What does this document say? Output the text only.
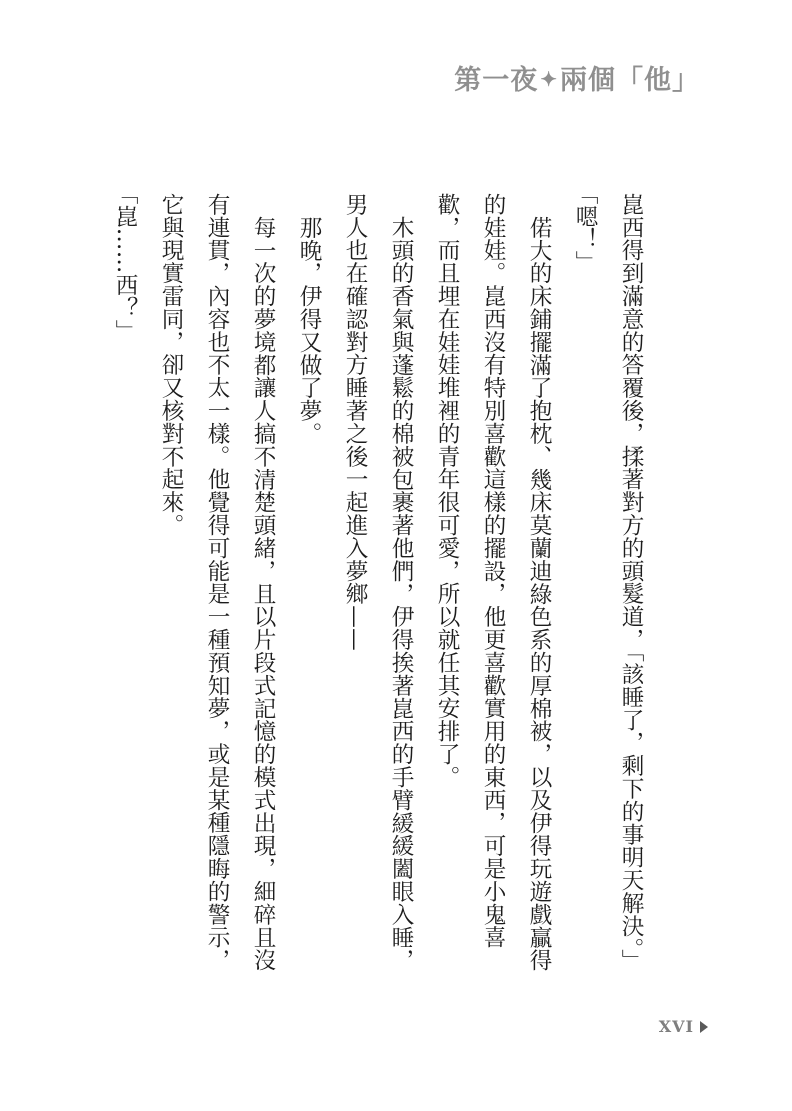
第一夜 ✦兩個「他」

崑西得到滿意的答覆後，揉著對方的頭髮道，「該睡了，剩下的事明天解決。」

「嗯！」

偌大的床鋪擺滿了抱枕、幾床莫蘭迪綠色系的厚棉被，以及伊得玩遊戲贏得的娃娃。崑西沒有特別喜歡這樣的擺設，他更喜歡實用的東西，可是小鬼喜歡，而且埋在娃娃堆裡的青年很可愛，所以就任其安排了。

木頭的香氣與蓬鬆的棉被包裹著他們，伊得挨著崑西的手臂緩緩闔眼入睡，男人也在確認對方睡著之後一起進入夢鄉——

那晚，伊得又做了夢。

每一次的夢境都讓人搞不清楚頭緒，且以片段式記憶的模式出現，細碎且沒有連貫，內容也不太一樣。他覺得可能是一種預知夢，或是某種隱晦的警示，它與現實雷同，卻又核對不起來。

「崑……西？」

XVI
